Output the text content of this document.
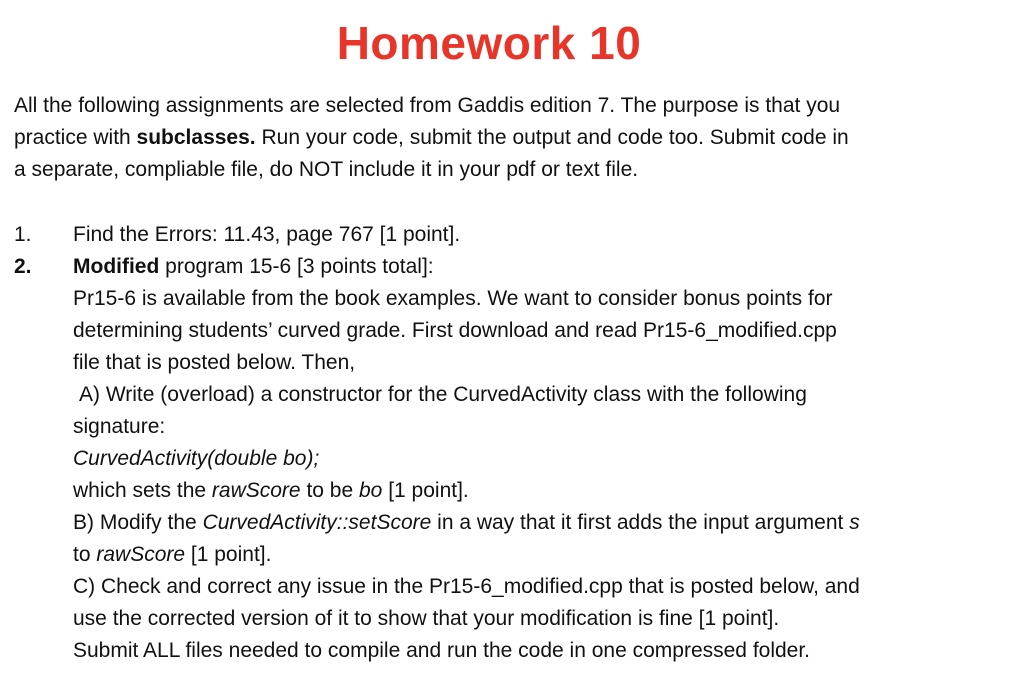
Homework 10
All the following assignments are selected from Gaddis edition 7. The purpose is that you
practice with subclasses. Run your code, submit the output and code too. Submit code in
a separate, compliable file, do NOT include it in your pdf or text file.
1. Find the Errors: 11.43, page 767 [1 point].
2. Modified program 15-6 [3 points total]:
Pr15-6 is available from the book examples. We want to consider bonus points for
determining students’ curved grade. First download and read Pr15-6_modified.cpp
file that is posted below. Then,
A) Write (overload) a constructor for the CurvedActivity class with the following
signature:
CurvedActivity(double bo);
which sets the rawScore to be bo [1 point].
B) Modify the CurvedActivity::setScore in a way that it first adds the input argument s
to rawScore [1 point].
C) Check and correct any issue in the Pr15-6_modified.cpp that is posted below, and
use the corrected version of it to show that your modification is fine [1 point].
Submit ALL files needed to compile and run the code in one compressed folder.
